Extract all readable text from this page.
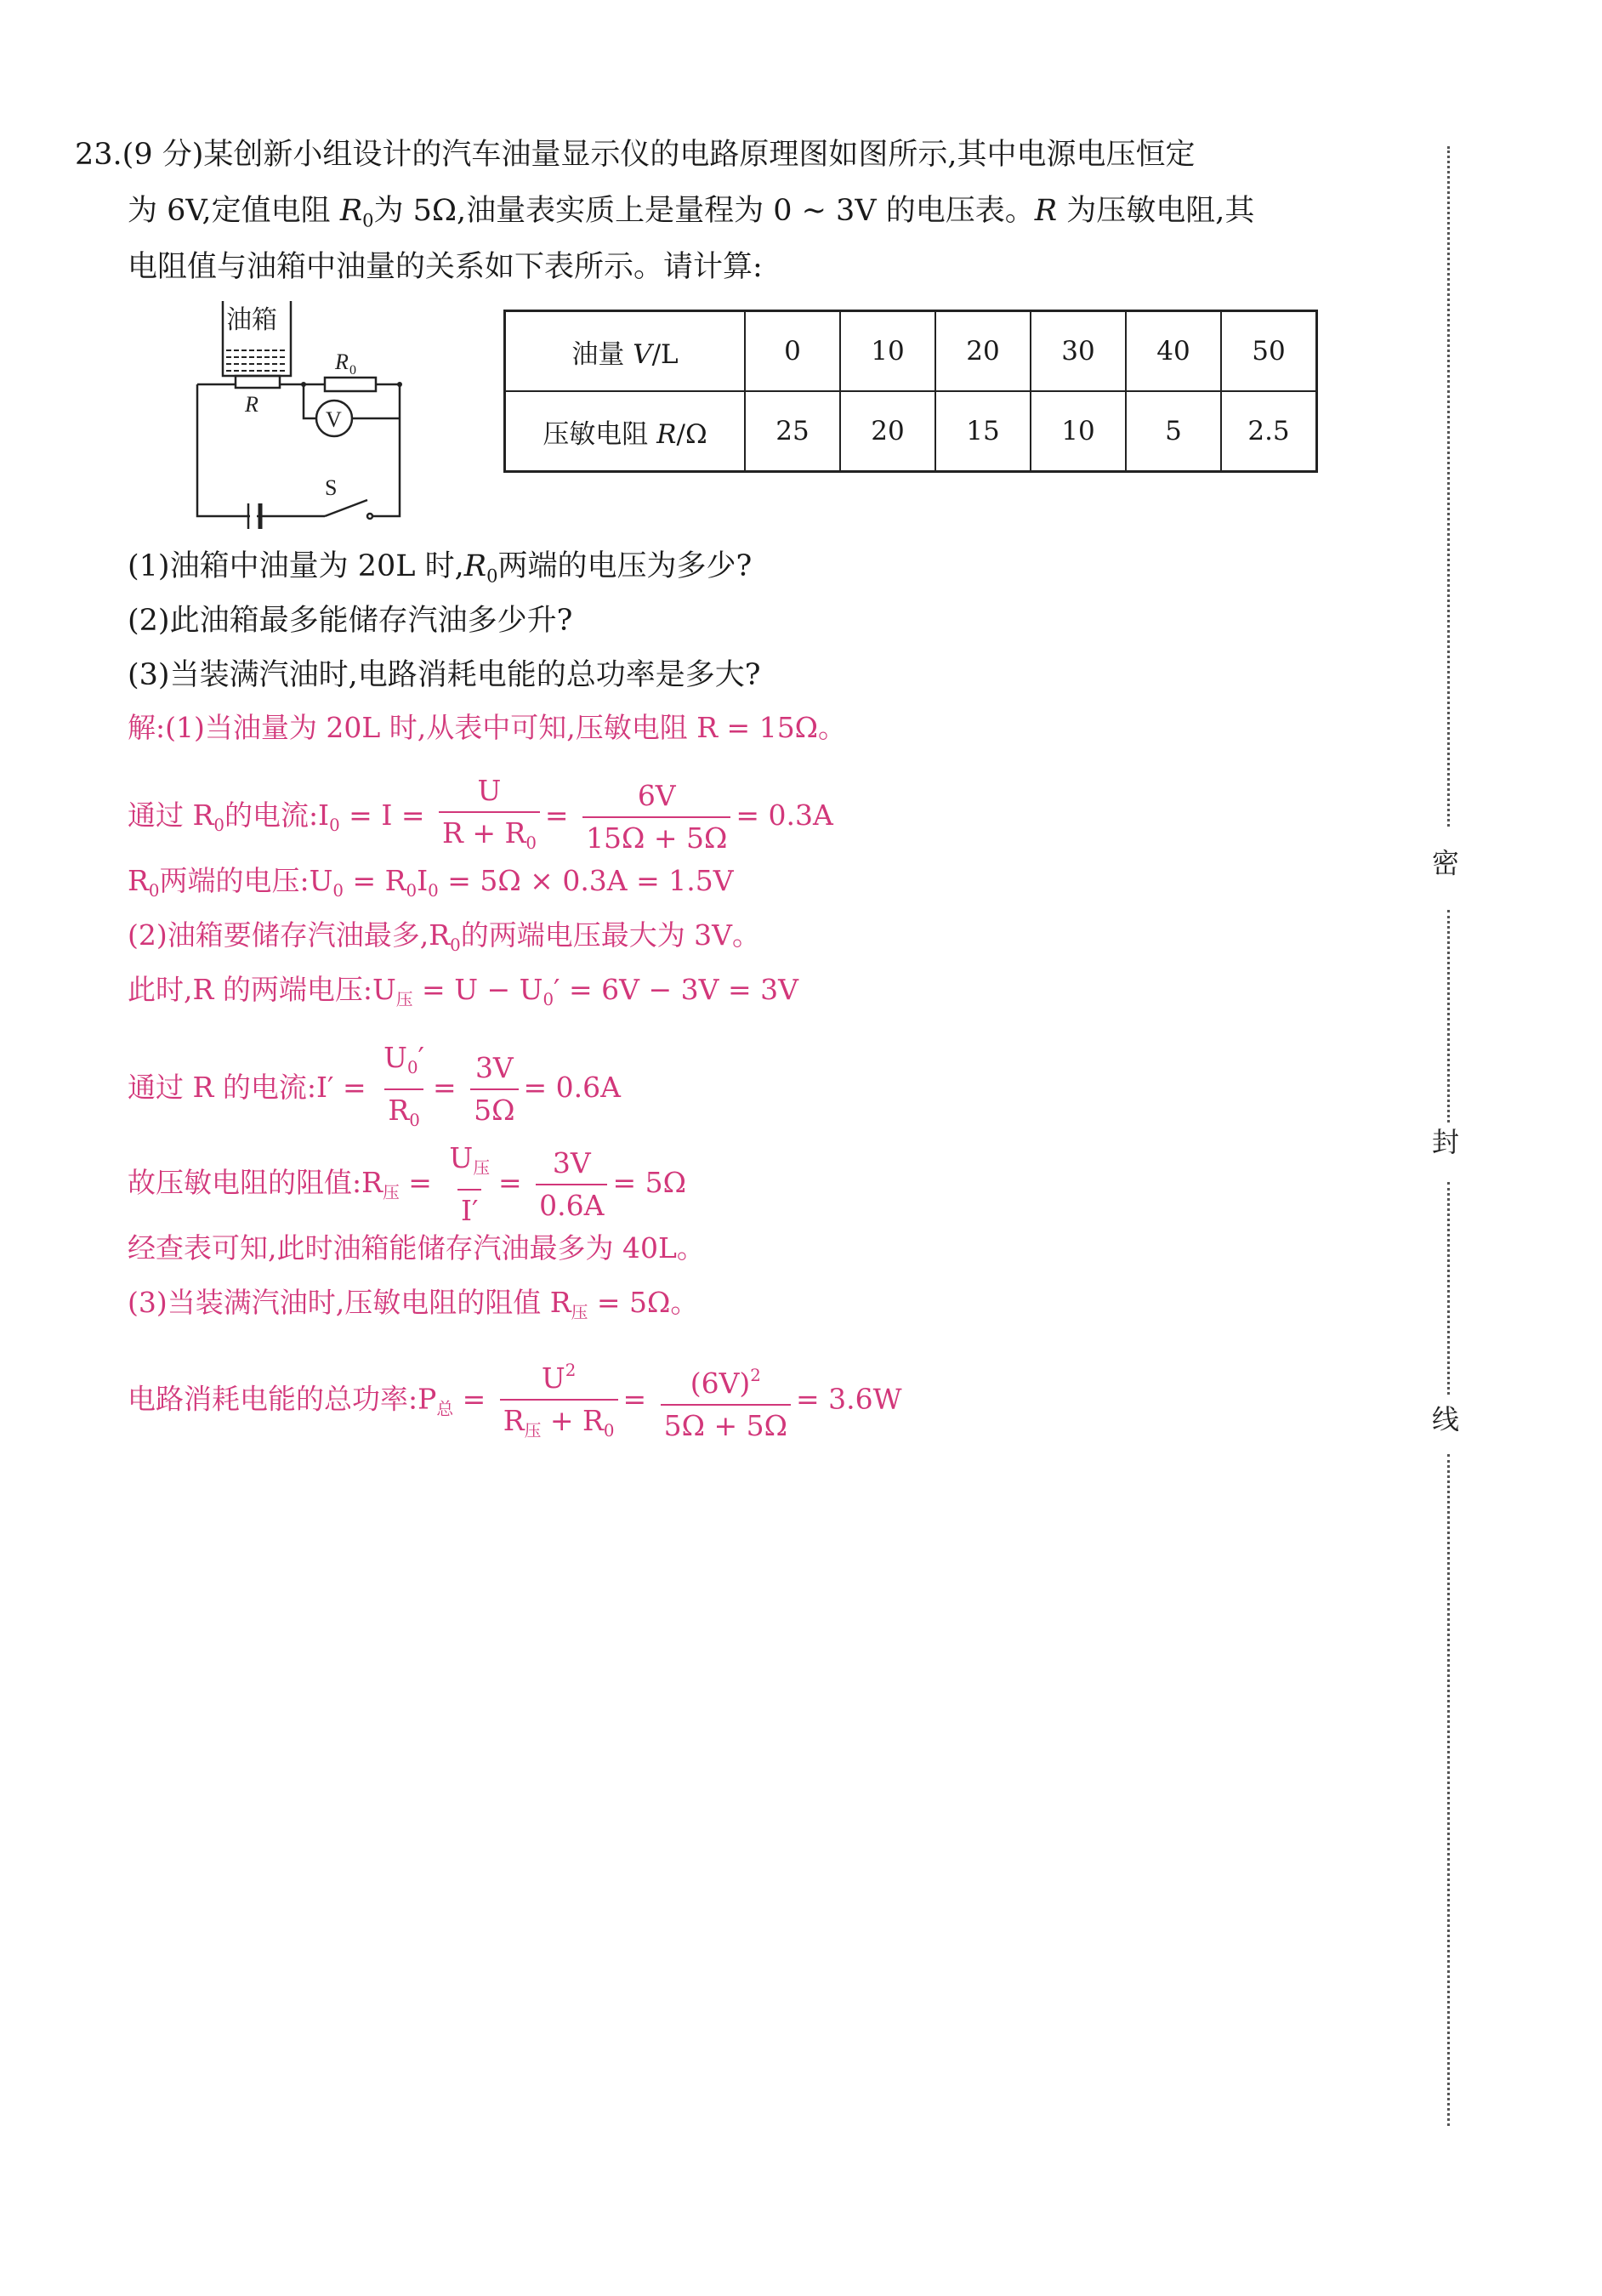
23.(9 分)某创新小组设计的汽车油量显示仪的电路原理图如图所示,其中电源电压恒定
为 6V,定值电阻 $R_0$为 5Ω,油量表实质上是量程为 0 ~ 3V 的电压表。R 为压敏电阻,其
电阻值与油箱中油量的关系如下表所示。请计算:
油箱
R
R 0
V
S
油量 V/L	0	10	20	30	40	50
压敏电阻 R/Ω	25	20	15	10	5	2.5
(1)油箱中油量为 20L 时$,R_0$两端的电压为多少?
(2)此油箱最多能储存汽油多少升?
(3)当装满汽油时,电路消耗电能的总功率是多大?
解:(1)当油量为 20L 时,从表中可知,压敏电阻 R = 15Ω。
通过 $R_0$的电流$:I_0 = I = \frac{U}{R + R_0} = \frac{6V}{15\Omega + 5\Omega} = 0.3A$
$R_0$两端的电压$:U_0 = R_0I_0 = 5\Omega \times 0.3A = 1.5V$
(2)油箱要储存汽油最多$,R_0$的两端电压最大为 3V。
此时,R 的两端电压$:U_压 = U - U_0' = 6V - 3V = 3V$
通过 R 的电流:I′ = $\frac{U_0'}{R_0} = \frac{3V}{5\Omega} = 0.6A$
故压敏电阻的阻值$:R_压 = \frac{U_压}{I'} = \frac{3V}{0.6A} = 5\Omega$
经查表可知,此时油箱能储存汽油最多为 40L。
(3)当装满汽油时,压敏电阻的阻值 $R_压 = 5\Omega$。
电路消耗电能的总功率$:P_总 = \frac{U^2}{R_压 + R_0} = \frac{(6V)^2}{5\Omega + 5\Omega} = 3.6W$
密
封
线
